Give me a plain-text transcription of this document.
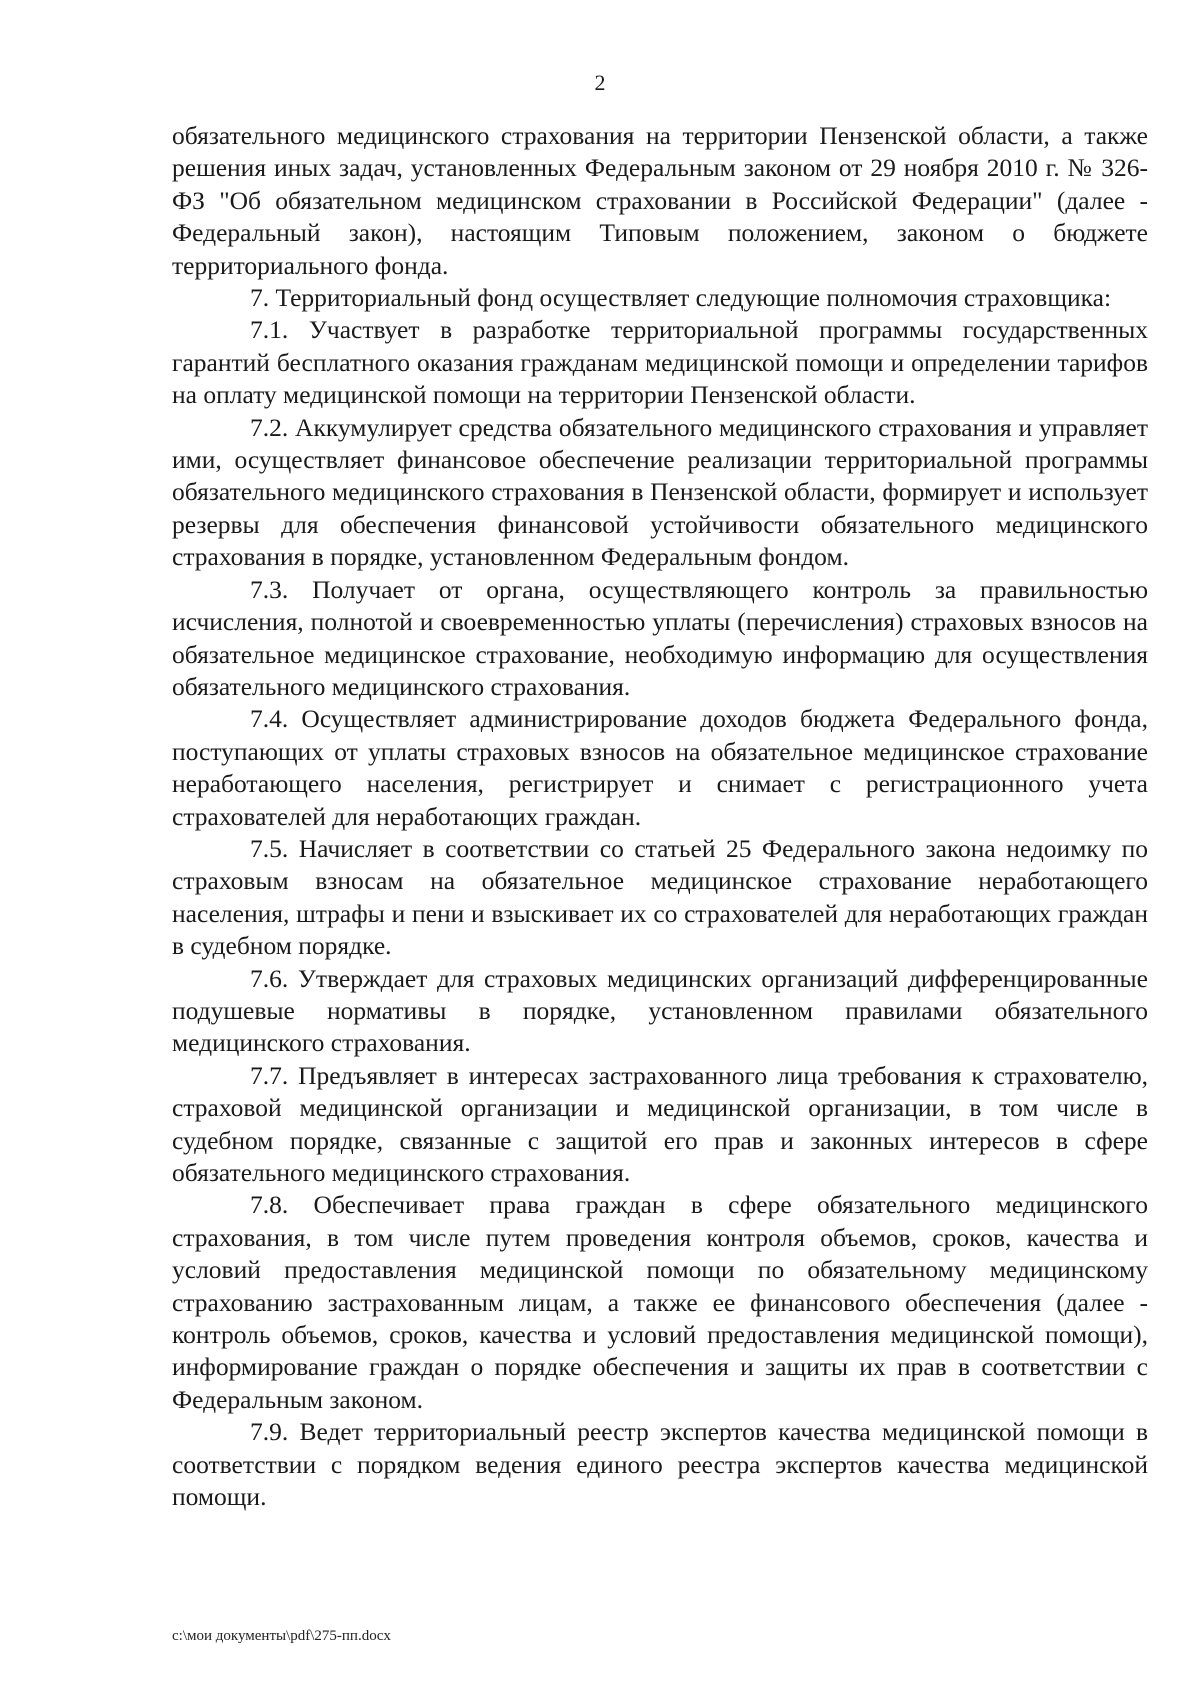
2

обязательного медицинского страхования на территории Пензенской области, а также решения иных задач, установленных Федеральным законом от 29 ноября 2010 г. № 326-ФЗ "Об обязательном медицинском страховании в Российской Федерации" (далее - Федеральный закон), настоящим Типовым положением, законом о бюджете территориального фонда.

7. Территориальный фонд осуществляет следующие полномочия страховщика:

7.1. Участвует в разработке территориальной программы государственных гарантий бесплатного оказания гражданам медицинской помощи и определении тарифов на оплату медицинской помощи на территории Пензенской области.

7.2. Аккумулирует средства обязательного медицинского страхования и управляет ими, осуществляет финансовое обеспечение реализации территориальной программы обязательного медицинского страхования в Пензенской области, формирует и использует резервы для обеспечения финансовой устойчивости обязательного медицинского страхования в порядке, установленном Федеральным фондом.

7.3. Получает от органа, осуществляющего контроль за правильностью исчисления, полнотой и своевременностью уплаты (перечисления) страховых взносов на обязательное медицинское страхование, необходимую информацию для осуществления обязательного медицинского страхования.

7.4. Осуществляет администрирование доходов бюджета Федерального фонда, поступающих от уплаты страховых взносов на обязательное медицинское страхование неработающего населения, регистрирует и снимает с регистрационного учета страхователей для неработающих граждан.

7.5. Начисляет в соответствии со статьей 25 Федерального закона недоимку по страховым взносам на обязательное медицинское страхование неработающего населения, штрафы и пени и взыскивает их со страхователей для неработающих граждан в судебном порядке.

7.6. Утверждает для страховых медицинских организаций дифференцированные подушевые нормативы в порядке, установленном правилами обязательного медицинского страхования.

7.7. Предъявляет в интересах застрахованного лица требования к страхователю, страховой медицинской организации и медицинской организации, в том числе в судебном порядке, связанные с защитой его прав и законных интересов в сфере обязательного медицинского страхования.

7.8. Обеспечивает права граждан в сфере обязательного медицинского страхования, в том числе путем проведения контроля объемов, сроков, качества и условий предоставления медицинской помощи по обязательному медицинскому страхованию застрахованным лицам, а также ее финансового обеспечения (далее - контроль объемов, сроков, качества и условий предоставления медицинской помощи), информирование граждан о порядке обеспечения и защиты их прав в соответствии с Федеральным законом.

7.9. Ведет территориальный реестр экспертов качества медицинской помощи в соответствии с порядком ведения единого реестра экспертов качества медицинской помощи.

c:\мои документы\pdf\275-пп.docx
